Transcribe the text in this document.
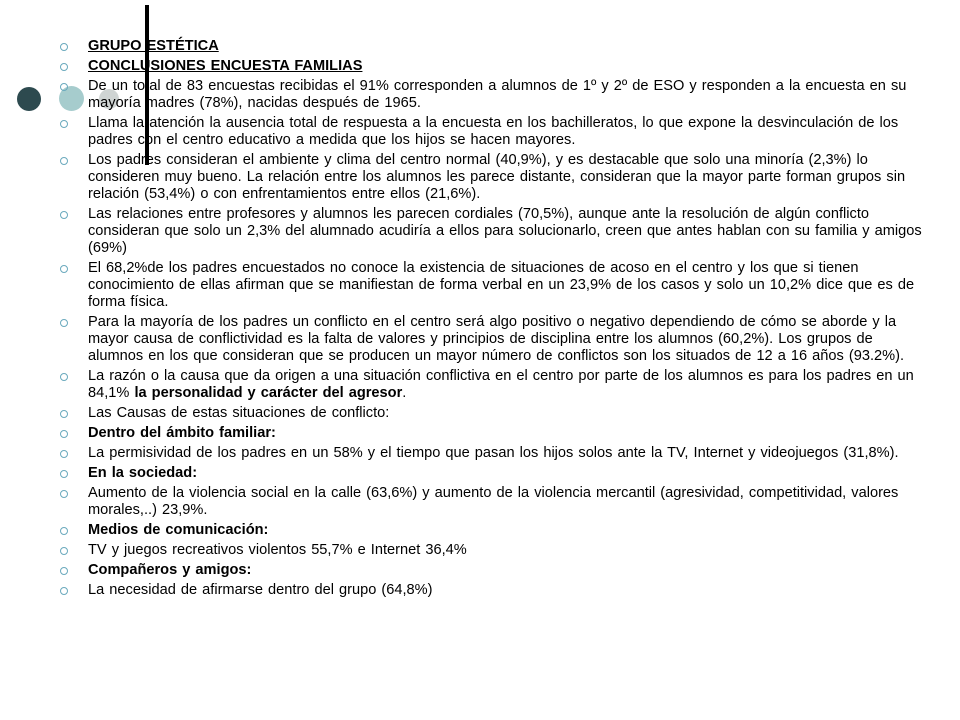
GRUPO ESTÉTICA
CONCLUSIONES ENCUESTA FAMILIAS
De un total de 83 encuestas recibidas el 91% corresponden a alumnos de 1º y 2º de ESO y responden a la encuesta en su mayoría madres (78%), nacidas después de 1965.
Llama la atención la ausencia total de respuesta a la encuesta en los bachilleratos, lo que expone la desvinculación de los padres con el centro educativo a medida que los hijos se hacen mayores.
Los padres consideran el ambiente y clima del centro normal (40,9%), y es destacable que solo una minoría (2,3%) lo consideren muy bueno. La relación entre los alumnos les parece distante, consideran que la mayor parte forman grupos sin relación (53,4%) o con enfrentamientos entre ellos (21,6%).
Las relaciones entre profesores y alumnos les parecen cordiales (70,5%), aunque ante la resolución de algún conflicto consideran que solo un 2,3% del alumnado acudiría a ellos para solucionarlo, creen que antes hablan con su familia y amigos (69%)
El 68,2%de los padres encuestados no conoce la existencia de situaciones de acoso en el centro y los que si tienen conocimiento de ellas afirman que se manifiestan de forma verbal en un 23,9% de los casos y solo un 10,2% dice que es de forma física.
Para la mayoría de los padres un conflicto en el centro será algo positivo o negativo dependiendo de cómo se aborde y la mayor causa de conflictividad es la falta de valores y principios de disciplina entre los alumnos (60,2%). Los grupos de alumnos en los que consideran que se producen un mayor número de conflictos son los situados de 12 a 16 años (93.2%).
La razón o la causa que da origen a una situación conflictiva en el centro por parte de los alumnos es para los padres en un 84,1% la personalidad y carácter del agresor.
Las Causas de estas situaciones de conflicto:
Dentro del ámbito familiar:
La permisividad de los padres en un 58% y el tiempo que pasan los hijos solos ante la TV, Internet y videojuegos (31,8%).
En la sociedad:
Aumento de la violencia social en la calle (63,6%) y aumento de la violencia mercantil (agresividad, competitividad, valores morales,..) 23,9%.
Medios de comunicación:
TV y juegos recreativos violentos 55,7% e Internet 36,4%
Compañeros y amigos:
La necesidad de afirmarse dentro del grupo (64,8%)
